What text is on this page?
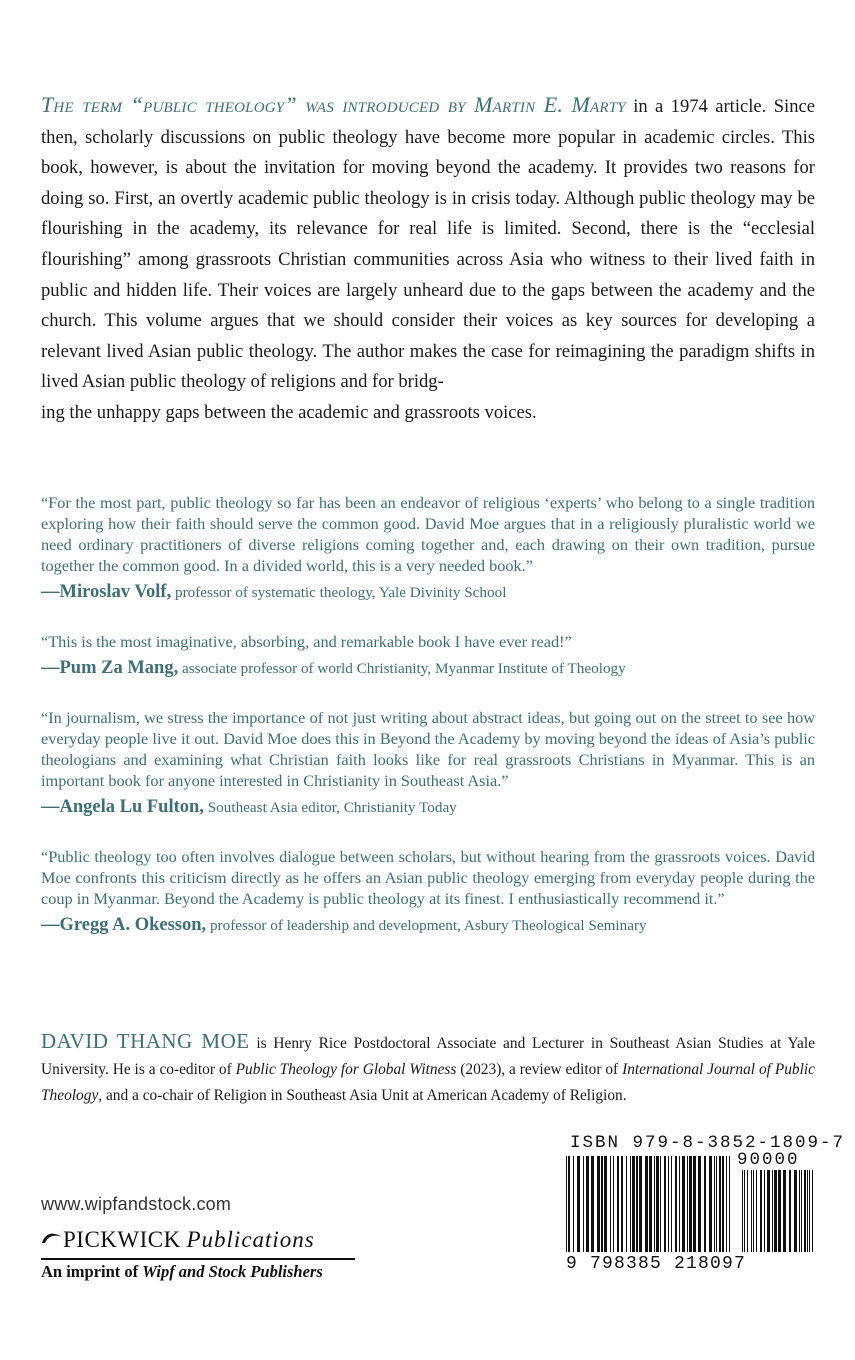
The term “public theology” was introduced by Martin E. Marty in a 1974 article. Since then, scholarly discussions on public theology have become more popular in academic circles. This book, however, is about the invitation for moving beyond the academy. It provides two reasons for doing so. First, an overtly academic public theology is in crisis today. Although public theology may be flourishing in the academy, its relevance for real life is limited. Second, there is the “ecclesial flourishing” among grassroots Christian communities across Asia who witness to their lived faith in public and hidden life. Their voices are largely unheard due to the gaps between the academy and the church. This volume argues that we should consider their voices as key sources for developing a relevant lived Asian public theology. The author makes the case for reimagining the paradigm shifts in lived Asian public theology of religions and for bridg-
ing the unhappy gaps between the academic and grassroots voices.

“For the most part, public theology so far has been an endeavor of religious ‘experts’ who belong to a single tradition exploring how their faith should serve the common good. David Moe argues that in a religiously pluralistic world we need ordinary practitioners of diverse religions coming together and, each drawing on their own tradition, pursue together the common good. In a divided world, this is a very needed book.”

—Miroslav Volf, professor of systematic theology, Yale Divinity School

“This is the most imaginative, absorbing, and remarkable book I have ever read!”

—Pum Za Mang, associate professor of world Christianity, Myanmar Institute of Theology

“In journalism, we stress the importance of not just writing about abstract ideas, but going out on the street to see how everyday people live it out. David Moe does this in Beyond the Academy by moving beyond the ideas of Asia’s public theologians and examining what Christian faith looks like for real grassroots Christians in Myanmar. This is an important book for anyone interested in Christianity in Southeast Asia.”

—Angela Lu Fulton, Southeast Asia editor, Christianity Today

“Public theology too often involves dialogue between scholars, but without hearing from the grassroots voices. David Moe confronts this criticism directly as he offers an Asian public theology emerging from everyday people during the coup in Myanmar. Beyond the Academy is public theology at its finest. I enthusiastically recommend it.”

—Gregg A. Okesson, professor of leadership and development, Asbury Theological Seminary
DAVID THANG MOE is Henry Rice Postdoctoral Associate and Lecturer in Southeast Asian Studies at Yale University. He is a co-editor of Public Theology for Global Witness (2023), a review editor of International Journal of Public Theology, and a co-chair of Religion in Southeast Asia Unit at American Academy of Religion.
www.wipfandstock.com
PICKWICK Publications
An imprint of Wipf and Stock Publishers
ISBN 979-8-3852-1809-7
90000
9 798385 218097
